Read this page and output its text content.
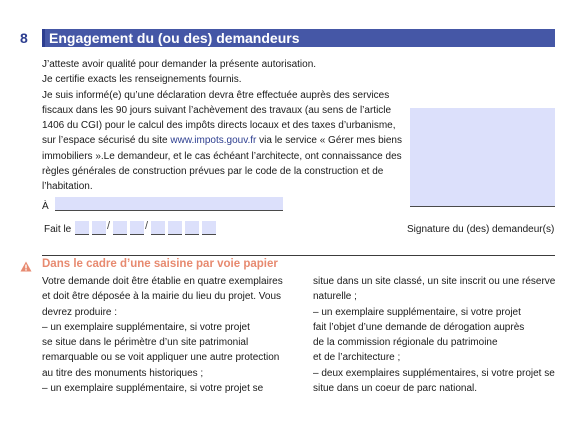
8	Engagement du (ou des) demandeurs
J’atteste avoir qualité pour demander la présente autorisation.
Je certifie exacts les renseignements fournis.
Je suis informé(e) qu’une déclaration devra être effectuée auprès des services
fiscaux dans les 90 jours suivant l’achèvement des travaux (au sens de l’article
1406 du CGI) pour le calcul des impôts directs locaux et des taxes d’urbanisme,
sur l’espace sécurisé du site www.impots.gouv.fr via le service « Gérer mes biens
immobiliers ».Le demandeur, et le cas échéant l’architecte, ont connaissance des
règles générales de construction prévues par le code de la construction et de
l’habitation.
Signature du (des) demandeur(s)
À
Fait le	/	/
Dans le cadre d’une saisine par voie papier
Votre demande doit être établie en quatre exemplaires
et doit être déposée à la mairie du lieu du projet. Vous
devrez produire :
– un exemplaire supplémentaire, si votre projet
se situe dans le périmètre d’un site patrimonial
remarquable ou se voit appliquer une autre protection
au titre des monuments historiques ;
– un exemplaire supplémentaire, si votre projet se
situe dans un site classé, un site inscrit ou une réserve
naturelle ;
– un exemplaire supplémentaire, si votre projet
fait l’objet d’une demande de dérogation auprès
de la commission régionale du patrimoine
et de l’architecture ;
– deux exemplaires supplémentaires, si votre projet se
situe dans un coeur de parc national.
